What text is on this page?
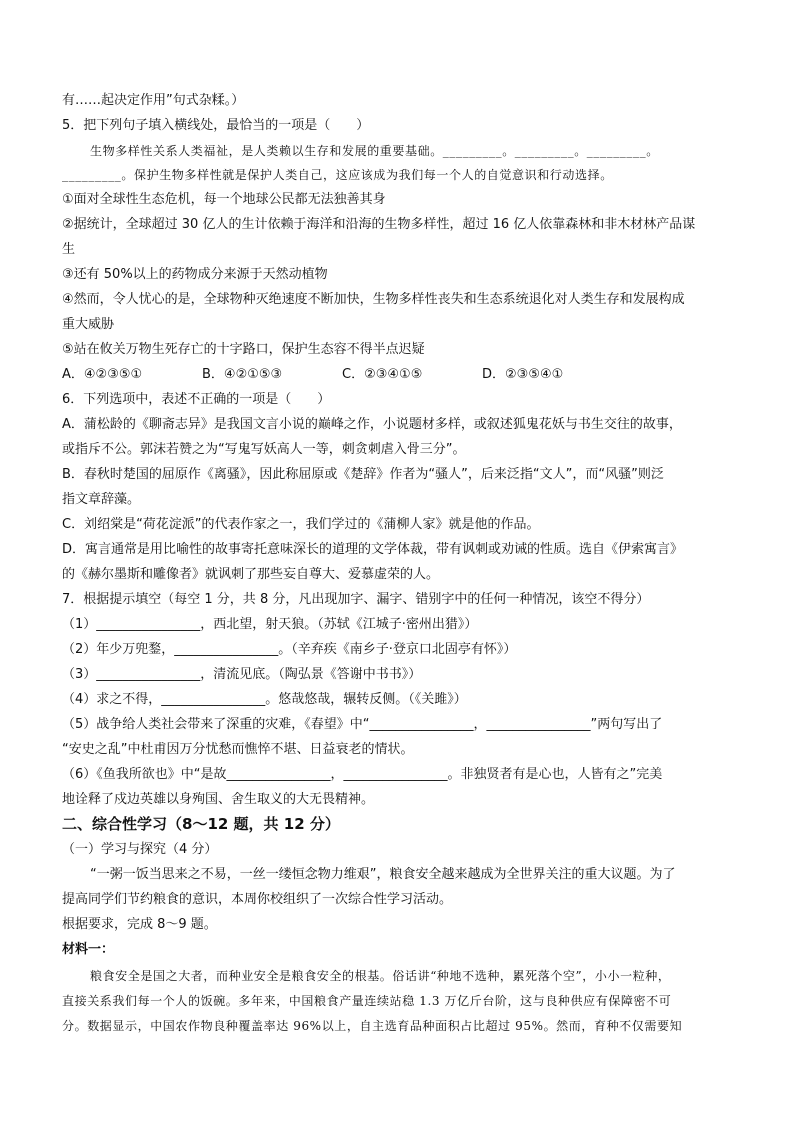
有……起决定作用”句式杂糅。）
5．把下列句子填入横线处，最恰当的一项是（　　）
生物多样性关系人类福祉，是人类赖以生存和发展的重要基础。_________。_________。_________。
_________。保护生物多样性就是保护人类自己，这应该成为我们每一个人的自觉意识和行动选择。
①面对全球性生态危机，每一个地球公民都无法独善其身
②据统计，全球超过 30 亿人的生计依赖于海洋和沿海的生物多样性，超过 16 亿人依靠森林和非木材林产品谋
生
③还有 50%以上的药物成分来源于天然动植物
④然而，令人忧心的是，全球物种灭绝速度不断加快，生物多样性丧失和生态系统退化对人类生存和发展构成
重大威胁
⑤站在攸关万物生死存亡的十字路口，保护生态容不得半点迟疑
A．④②③⑤①	B．④②①⑤③	C．②③④①⑤	D．②③⑤④①
6．下列选项中，表述不正确的一项是（　　）
A．蒲松龄的《聊斋志异》是我国文言小说的巅峰之作，小说题材多样，或叙述狐鬼花妖与书生交往的故事，
或指斥不公。郭沫若赞之为“写鬼写妖高人一等，刺贪刺虐入骨三分”。
B．春秋时楚国的屈原作《离骚》，因此称屈原或《楚辞》作者为“骚人”，后来泛指“文人”，而“风骚”则泛
指文章辞藻。
C．刘绍棠是“荷花淀派”的代表作家之一，我们学过的《蒲柳人家》就是他的作品。
D．寓言通常是用比喻性的故事寄托意味深长的道理的文学体裁，带有讽刺或劝诫的性质。选自《伊索寓言》
的《赫尔墨斯和雕像者》就讽刺了那些妄自尊大、爱慕虚荣的人。
7．根据提示填空（每空 1 分，共 8 分，凡出现加字、漏字、错别字中的任何一种情况，该空不得分）
（1）________________，西北望，射天狼。（苏轼《江城子·密州出猎》）
（2）年少万兜鍪，________________。（辛弃疾《南乡子·登京口北固亭有怀》）
（3）________________，清流见底。（陶弘景《答谢中书书》）
（4）求之不得，________________。悠哉悠哉，辗转反侧。（《关雎》）
（5）战争给人类社会带来了深重的灾难，《春望》中“________________，________________”两句写出了
“安史之乱”中杜甫因万分忧愁而憔悴不堪、日益衰老的情状。
（6）《鱼我所欲也》中“是故________________，________________。非独贤者有是心也，人皆有之”完美
地诠释了戍边英雄以身殉国、舍生取义的大无畏精神。
二、综合性学习（8～12 题，共 12 分）
（一）学习与探究（4 分）
“一粥一饭当思来之不易，一丝一缕恒念物力维艰”，粮食安全越来越成为全世界关注的重大议题。为了
提高同学们节约粮食的意识，本周你校组织了一次综合性学习活动。
根据要求，完成 8～9 题。
材料一：
粮食安全是国之大者，而种业安全是粮食安全的根基。俗话讲“种地不选种，累死落个空”，小小一粒种，
直接关系我们每一个人的饭碗。多年来，中国粮食产量连续站稳 1.3 万亿斤台阶，这与良种供应有保障密不可
分。数据显示，中国农作物良种覆盖率达 96%以上，自主选育品种面积占比超过 95%。然而，育种不仅需要知
